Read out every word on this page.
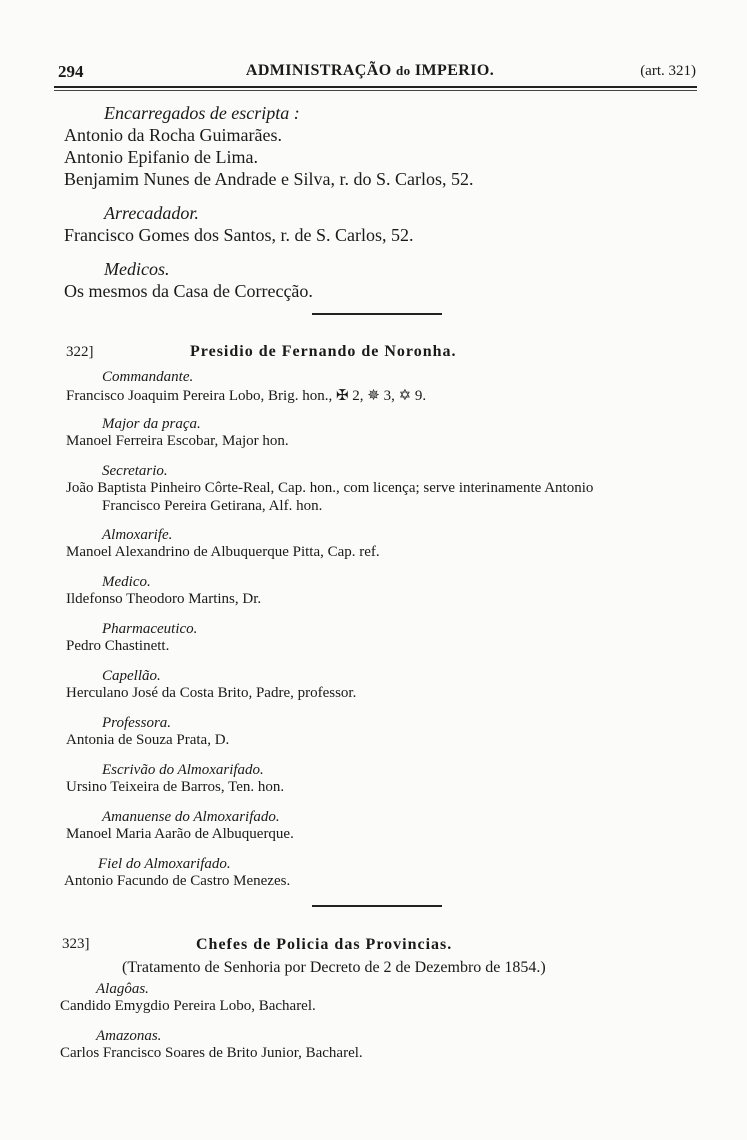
294	ADMINISTRAÇÃO do IMPERIO.	(art. 321)
Encarregados de escripta :
Antonio da Rocha Guimarães.
Antonio Epifanio de Lima.
Benjamim Nunes de Andrade e Silva, r. do S. Carlos, 52.
Arrecadador.
Francisco Gomes dos Santos, r. de S. Carlos, 52.
Medicos.
Os mesmos da Casa de Correcção.
322]	Presidio de Fernando de Noronha.
Commandante.
Francisco Joaquim Pereira Lobo, Brig. hon., ✠ 2, ✵ 3, ✡ 9.
Major da praça.
Manoel Ferreira Escobar, Major hon.
Secretario.
João Baptista Pinheiro Côrte-Real, Cap. hon., com licença; serve interinamente Antonio
Francisco Pereira Getirana, Alf. hon.
Almoxarife.
Manoel Alexandrino de Albuquerque Pitta, Cap. ref.
Medico.
Ildefonso Theodoro Martins, Dr.
Pharmaceutico.
Pedro Chastinett.
Capellão.
Herculano José da Costa Brito, Padre, professor.
Professora.
Antonia de Souza Prata, D.
Escrivão do Almoxarifado.
Ursino Teixeira de Barros, Ten. hon.
Amanuense do Almoxarifado.
Manoel Maria Aarão de Albuquerque.
Fiel do Almoxarifado.
Antonio Facundo de Castro Menezes.
323]	Chefes de Policia das Provincias.
(Tratamento de Senhoria por Decreto de 2 de Dezembro de 1854.)
Alagôas.
Candido Emygdio Pereira Lobo, Bacharel.
Amazonas.
Carlos Francisco Soares de Brito Junior, Bacharel.
